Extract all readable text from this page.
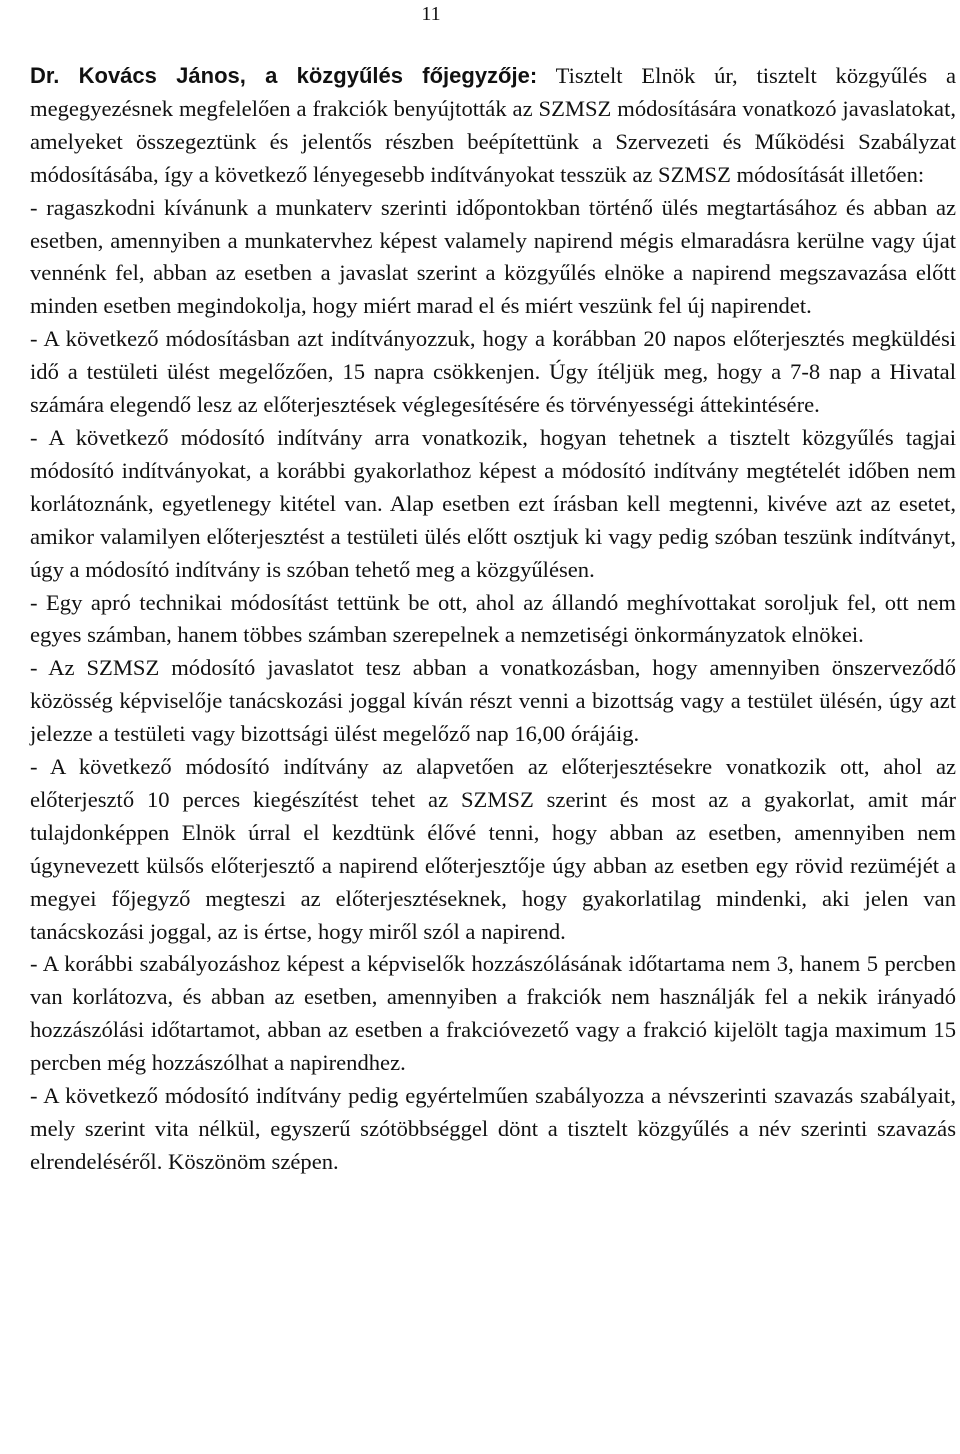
11

Dr. Kovács János, a közgyűlés főjegyzője: Tisztelt Elnök úr, tisztelt közgyűlés a megegyezésnek megfelelően a frakciók benyújtották az SZMSZ módosítására vonatkozó javaslatokat, amelyeket összegeztünk és jelentős részben beépítettünk a Szervezeti és Működési Szabályzat módosításába, így a következő lényegesebb indítványokat tesszük az SZMSZ módosítását illetően:

- ragaszkodni kívánunk a munkaterv szerinti időpontokban történő ülés megtartásához és abban az esetben, amennyiben a munkatervhez képest valamely napirend mégis elmaradásra kerülne vagy újat vennénk fel, abban az esetben a javaslat szerint a közgyűlés elnöke a napirend megszavazása előtt minden esetben megindokolja, hogy miért marad el és miért veszünk fel új napirendet.

- A következő módosításban azt indítványozzuk, hogy a korábban 20 napos előterjesztés megküldési idő a testületi ülést megelőzően, 15 napra csökkenjen. Úgy ítéljük meg, hogy a 7-8 nap a Hivatal számára elegendő lesz az előterjesztések véglegesítésére és törvényességi áttekintésére.

- A következő módosító indítvány arra vonatkozik, hogyan tehetnek a tisztelt közgyűlés tagjai módosító indítványokat, a korábbi gyakorlathoz képest a módosító indítvány megtételét időben nem korlátoznánk, egyetlenegy kitétel van. Alap esetben ezt írásban kell megtenni, kivéve azt az esetet, amikor valamilyen előterjesztést a testületi ülés előtt osztjuk ki vagy pedig szóban teszünk indítványt, úgy a módosító indítvány is szóban tehető meg a közgyűlésen.

- Egy apró technikai módosítást tettünk be ott, ahol az állandó meghívottakat soroljuk fel, ott nem egyes számban, hanem többes számban szerepelnek a nemzetiségi önkormányzatok elnökei.

- Az SZMSZ módosító javaslatot tesz abban a vonatkozásban, hogy amennyiben önszerveződő közösség képviselője tanácskozási joggal kíván részt venni a bizottság vagy a testület ülésén, úgy azt jelezze a testületi vagy bizottsági ülést megelőző nap 16,00 órájáig.

- A következő módosító indítvány az alapvetően az előterjesztésekre vonatkozik ott, ahol az előterjesztő 10 perces kiegészítést tehet az SZMSZ szerint és most az a gyakorlat, amit már tulajdonképpen Elnök úrral el kezdtünk élővé tenni, hogy abban az esetben, amennyiben nem úgynevezett külsős előterjesztő a napirend előterjesztője úgy abban az esetben egy rövid rezüméjét a megyei főjegyző megteszi az előterjesztéseknek, hogy gyakorlatilag mindenki, aki jelen van tanácskozási joggal, az is értse, hogy miről szól a napirend.

- A korábbi szabályozáshoz képest a képviselők hozzászólásának időtartama nem 3, hanem 5 percben van korlátozva, és abban az esetben, amennyiben a frakciók nem használják fel a nekik irányadó hozzászólási időtartamot, abban az esetben a frakcióvezető vagy a frakció kijelölt tagja maximum 15 percben még hozzászólhat a napirendhez.

- A következő módosító indítvány pedig egyértelműen szabályozza a névszerinti szavazás szabályait, mely szerint vita nélkül, egyszerű szótöbbséggel dönt a tisztelt közgyűlés a név szerinti szavazás elrendeléséről. Köszönöm szépen.
